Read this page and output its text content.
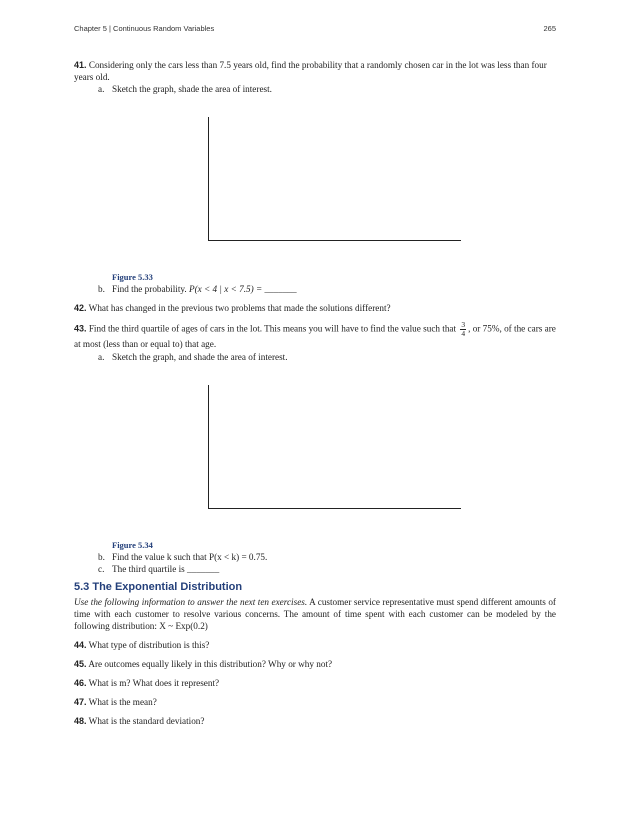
Chapter 5 | Continuous Random Variables	265

41. Considering only the cars less than 7.5 years old, find the probability that a randomly chosen car in the lot was less than four years old.

a. Sketch the graph, shade the area of interest.

Figure 5.33

b. Find the probability. P(x < 4 | x < 7.5) = _______

42. What has changed in the previous two problems that made the solutions different?

43. Find the third quartile of ages of cars in the lot. This means you will have to find the value such that $\frac{3}{4}$ , or 75%, of the cars are at most (less than or equal to) that age.

a. Sketch the graph, and shade the area of interest.

Figure 5.34

b. Find the value k such that P(x < k) = 0.75.

c. The third quartile is _______

5.3 The Exponential Distribution

Use the following information to answer the next ten exercises. A customer service representative must spend different amounts of time with each customer to resolve various concerns. The amount of time spent with each customer can be modeled by the following distribution: X ~ Exp(0.2)

44. What type of distribution is this?

45. Are outcomes equally likely in this distribution? Why or why not?

46. What is m? What does it represent?

47. What is the mean?

48. What is the standard deviation?
